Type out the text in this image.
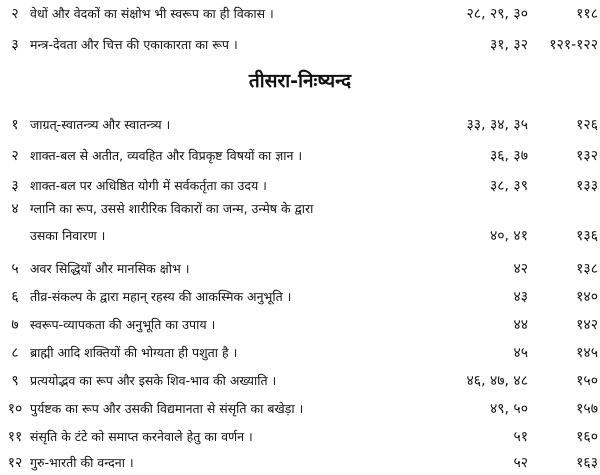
२ वेधों और वेदकों का संक्षोभ भी स्वरूप का ही विकास ।	२८, २९, ३०	११८
३ मन्त्र-देवता और चित्त की एकाकारता का रूप ।	३१, ३२	१२१-१२२
तीसरा-निःष्यन्द
१ जाग्रत्-स्वातन्त्र्य और स्वातन्त्र्य ।	३३, ३४, ३५	१२६
२ शाक्त-बल से अतीत, व्यवहित और विप्रकृष्ट विषयों का ज्ञान ।	३६, ३७	१३२
३ शाक्त-बल पर अधिष्ठित योगी में सर्वकर्तृता का उदय ।	३८, ३९	१३३
४ ग्लानि का रूप, उससे शारीरिक विकारों का जन्म, उन्मेष के द्वारा
उसका निवारण ।	४०, ४१	१३६
५ अवर सिद्धियाँ और मानसिक क्षोभ ।	४२	१३८
६ तीव्र-संकल्प के द्वारा महान् रहस्य की आकस्मिक अनुभूति ।	४३	१४०
७ स्वरूप-व्यापकता की अनुभूति का उपाय ।	४४	१४२
८ ब्राह्मी आदि शक्तियों की भोग्यता ही पशुता है ।	४५	१४५
९ प्रत्ययोद्भव का रूप और इसके शिव-भाव की अख्याति ।	४६, ४७, ४८	१५०
१० पुर्यष्टक का रूप और उसकी विद्यमानता से संसृति का बखेड़ा ।	४९, ५०	१५७
११ संसृति के टंटे को समाप्त करनेवाले हेतु का वर्णन ।	५१	१६०
१२ गुरु-भारती की वन्दना ।	५२	१६३
